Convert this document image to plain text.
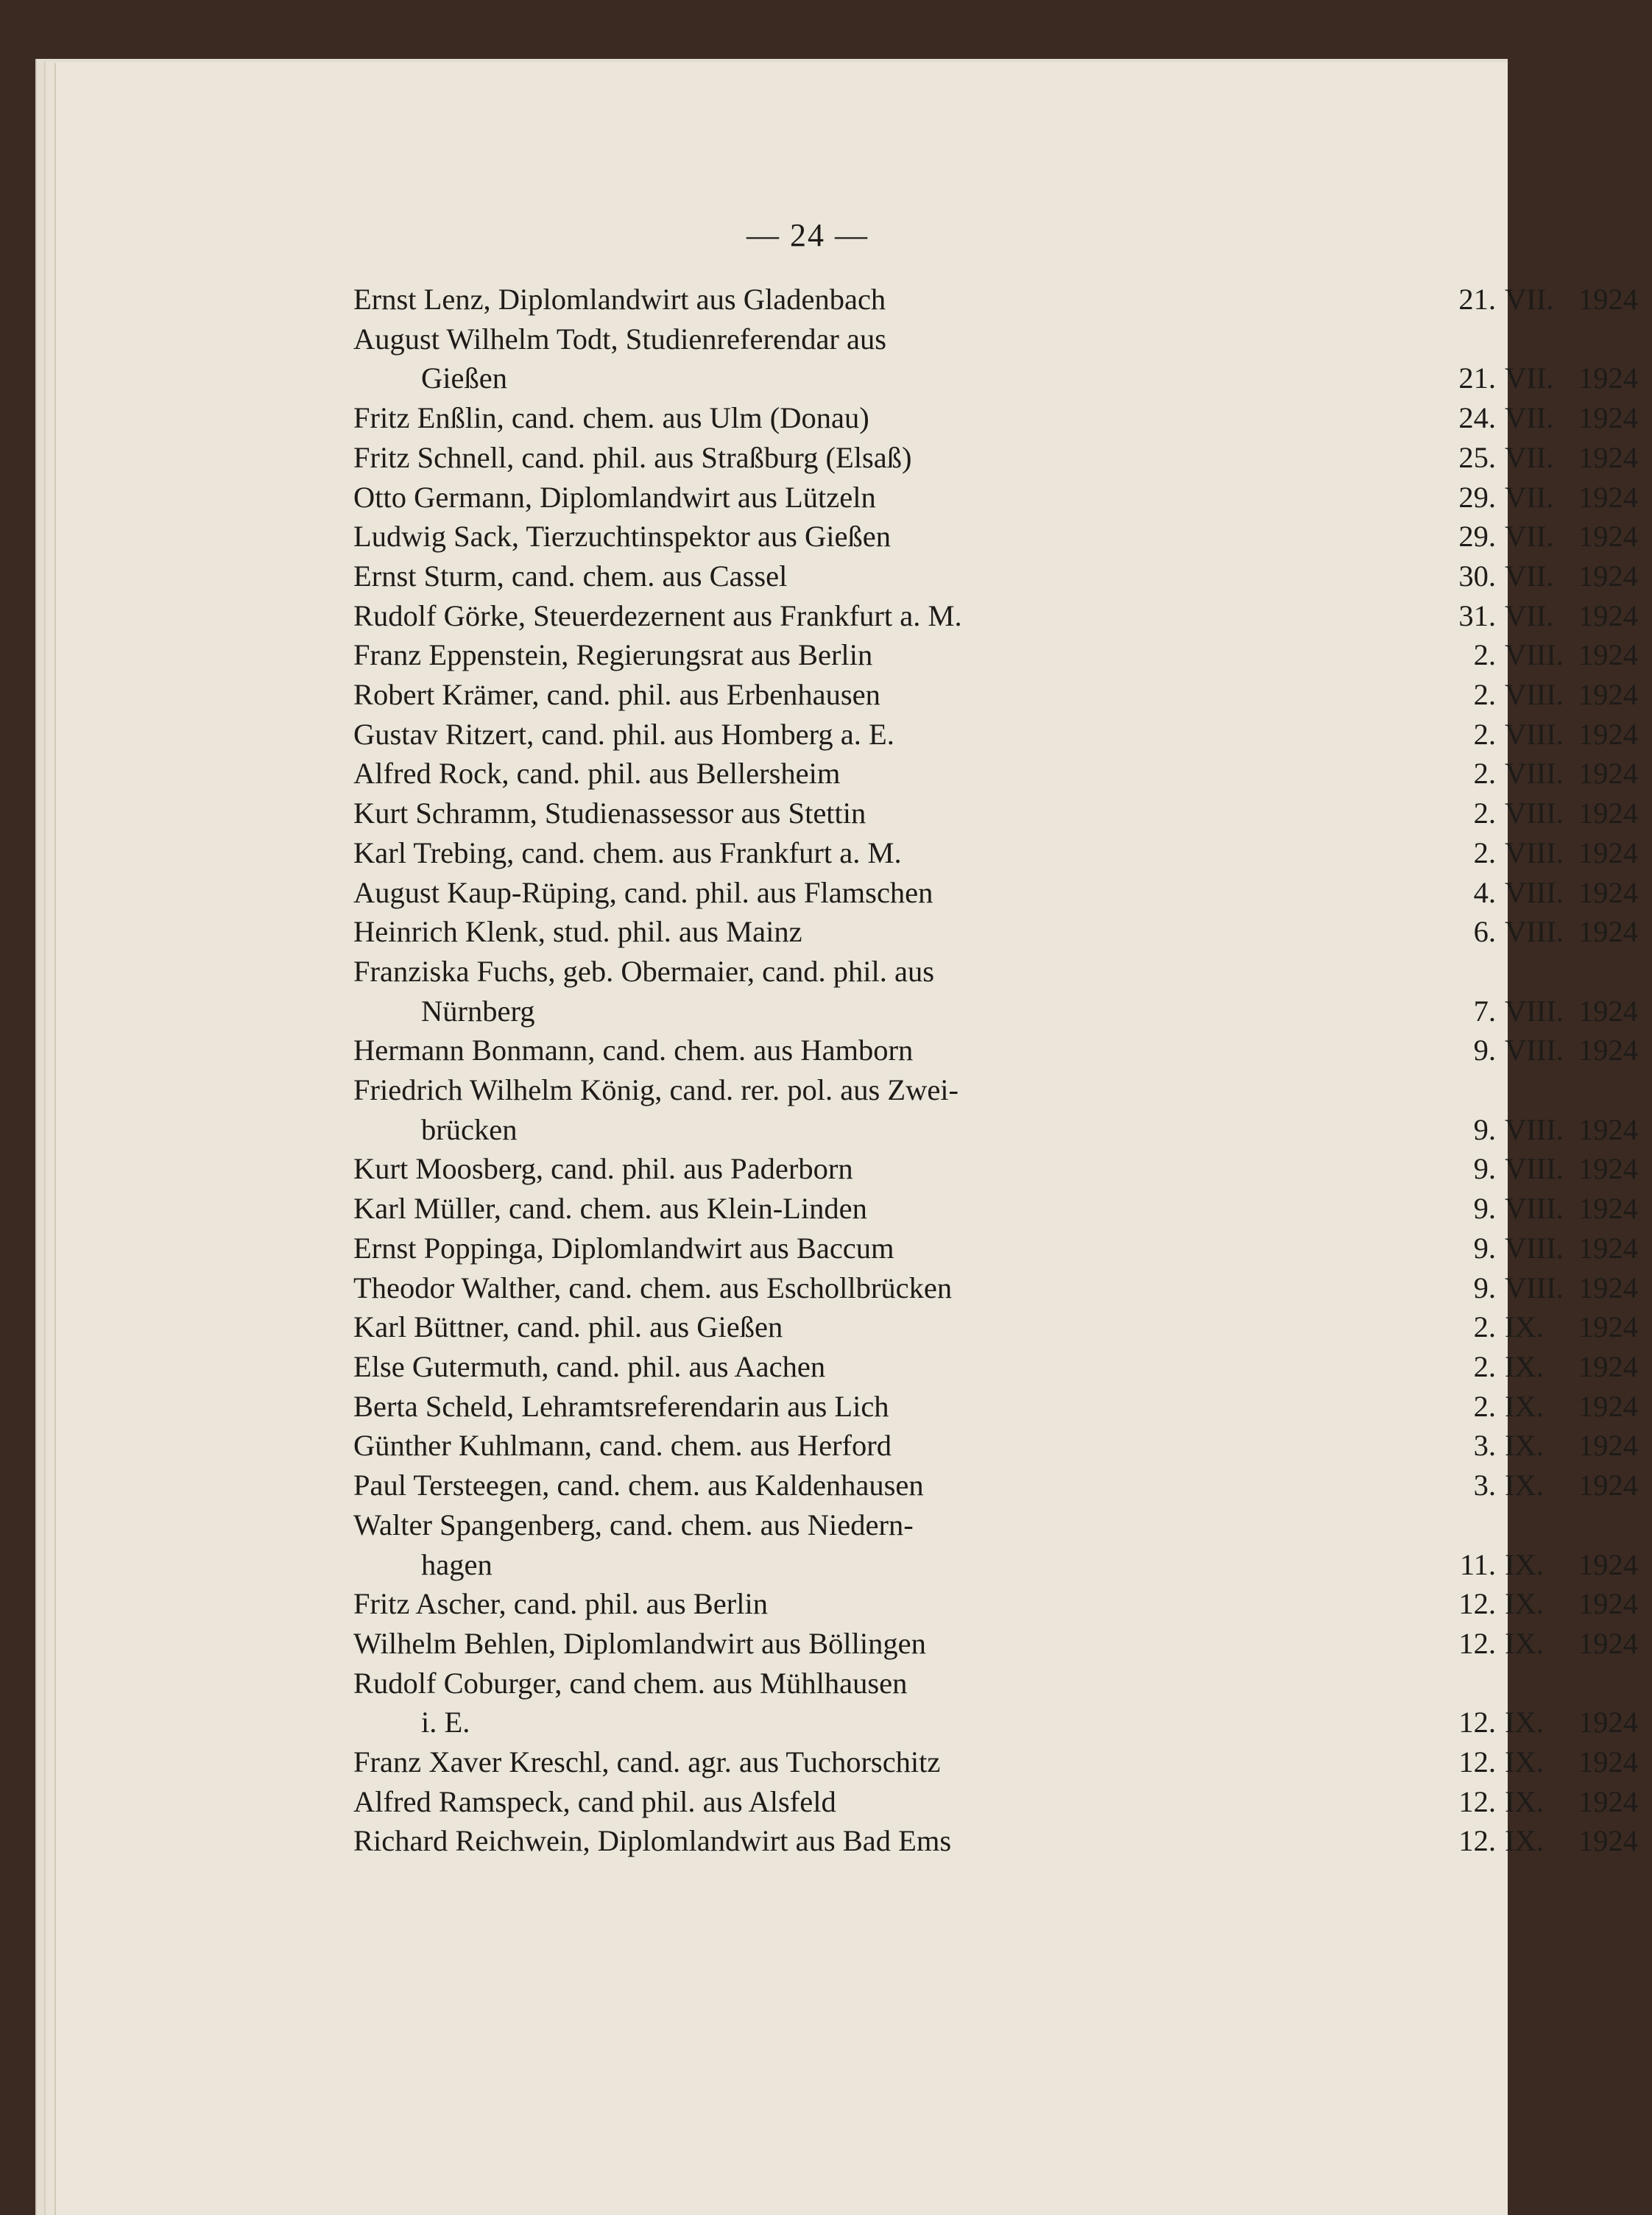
— 24 —
Ernst Lenz, Diplomlandwirt aus Gladenbach	21. VII. 1924
August Wilhelm Todt, Studienreferendar aus
Gießen	21. VII. 1924
Fritz Enßlin, cand. chem. aus Ulm (Donau)	24. VII. 1924
Fritz Schnell, cand. phil. aus Straßburg (Elsaß)	25. VII. 1924
Otto Germann, Diplomlandwirt aus Lützeln	29. VII. 1924
Ludwig Sack, Tierzuchtinspektor aus Gießen	29. VII. 1924
Ernst Sturm, cand. chem. aus Cassel	30. VII. 1924
Rudolf Görke, Steuerdezernent aus Frankfurt a. M.	31. VII. 1924
Franz Eppenstein, Regierungsrat aus Berlin	2. VIII. 1924
Robert Krämer, cand. phil. aus Erbenhausen	2. VIII. 1924
Gustav Ritzert, cand. phil. aus Homberg a. E.	2. VIII. 1924
Alfred Rock, cand. phil. aus Bellersheim	2. VIII. 1924
Kurt Schramm, Studienassessor aus Stettin	2. VIII. 1924
Karl Trebing, cand. chem. aus Frankfurt a. M.	2. VIII. 1924
August Kaup-Rüping, cand. phil. aus Flamschen	4. VIII. 1924
Heinrich Klenk, stud. phil. aus Mainz	6. VIII. 1924
Franziska Fuchs, geb. Obermaier, cand. phil. aus
Nürnberg	7. VIII. 1924
Hermann Bonmann, cand. chem. aus Hamborn	9. VIII. 1924
Friedrich Wilhelm König, cand. rer. pol. aus Zwei-
brücken	9. VIII. 1924
Kurt Moosberg, cand. phil. aus Paderborn	9. VIII. 1924
Karl Müller, cand. chem. aus Klein-Linden	9. VIII. 1924
Ernst Poppinga, Diplomlandwirt aus Baccum	9. VIII. 1924
Theodor Walther, cand. chem. aus Eschollbrücken	9. VIII. 1924
Karl Büttner, cand. phil. aus Gießen	2. IX.	1924
Else Gutermuth, cand. phil. aus Aachen	2. IX.	1924
Berta Scheld, Lehramtsreferendarin aus Lich	2. IX.	1924
Günther Kuhlmann, cand. chem. aus Herford	3. IX.	1924
Paul Tersteegen, cand. chem. aus Kaldenhausen	3. IX.	1924
Walter Spangenberg, cand. chem. aus Niedern-
hagen	11. IX.	1924
Fritz Ascher, cand. phil. aus Berlin	12. IX.	1924
Wilhelm Behlen, Diplomlandwirt aus Böllingen	12. IX.	1924
Rudolf Coburger, cand chem. aus Mühlhausen
i. E.	12. IX.	1924
Franz Xaver Kreschl, cand. agr. aus Tuchorschitz	12. IX.	1924
Alfred Ramspeck, cand phil. aus Alsfeld	12. IX.	1924
Richard Reichwein, Diplomlandwirt aus Bad Ems	12. IX.	1924
